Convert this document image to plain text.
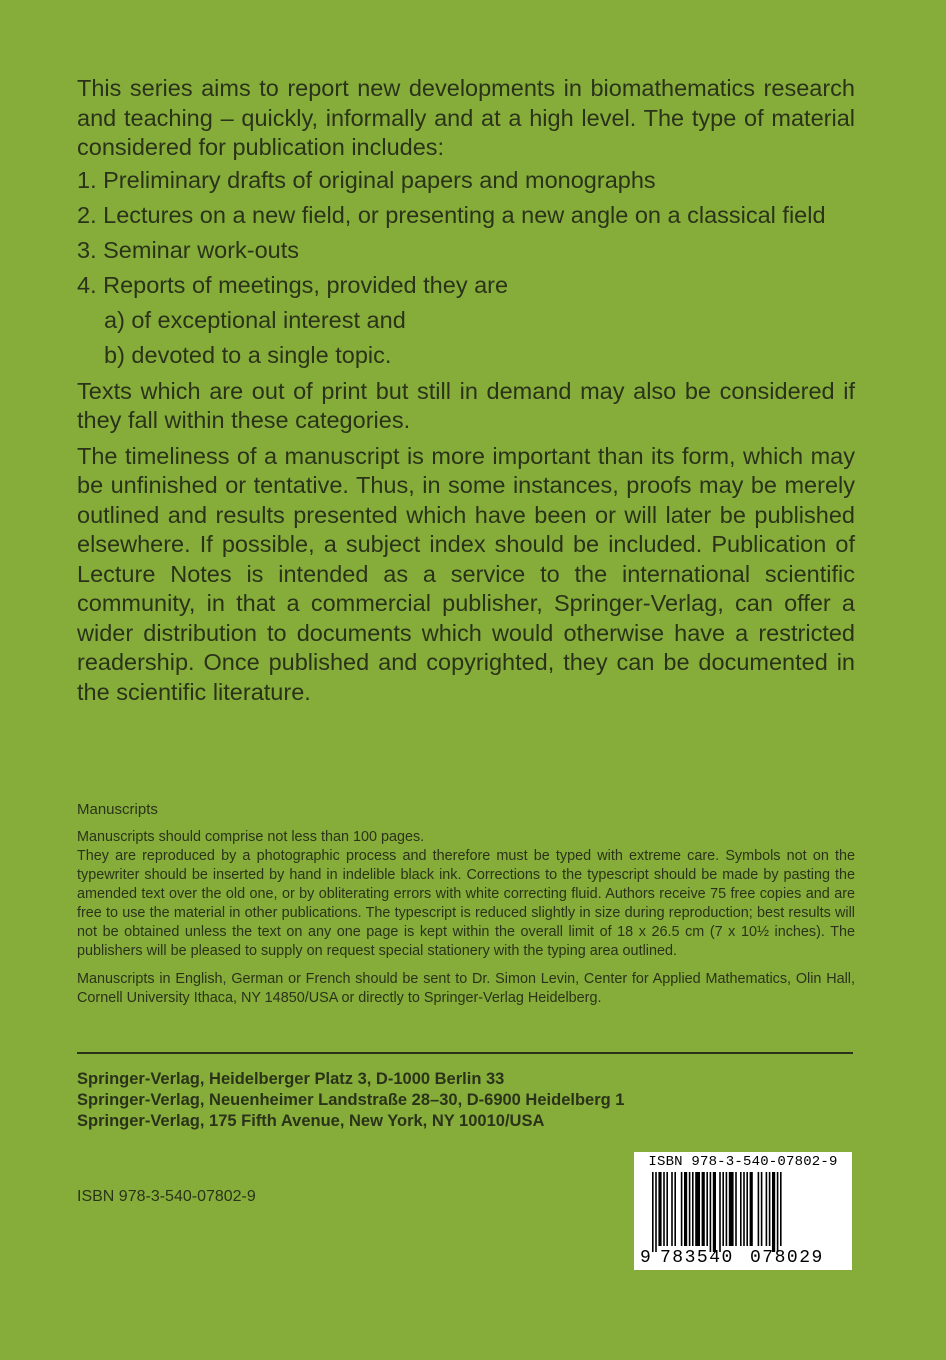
This series aims to report new developments in biomathematics research and teaching – quickly, informally and at a high level. The type of material considered for publication includes:

1. Preliminary drafts of original papers and monographs
2. Lectures on a new field, or presenting a new angle on a classical field
3. Seminar work-outs
4. Reports of meetings, provided they are
a) of exceptional interest and
b) devoted to a single topic.

Texts which are out of print but still in demand may also be considered if they fall within these categories.

The timeliness of a manuscript is more important than its form, which may be unfinished or tentative. Thus, in some instances, proofs may be merely outlined and results presented which have been or will later be published elsewhere. If possible, a subject index should be included. Publication of Lecture Notes is intended as a service to the international scientific community, in that a commercial publisher, Springer-Verlag, can offer a wider distribution to documents which would otherwise have a restricted readership. Once published and copyrighted, they can be documented in the scientific literature.

Manuscripts

Manuscripts should comprise not less than 100 pages.

They are reproduced by a photographic process and therefore must be typed with extreme care. Symbols not on the typewriter should be inserted by hand in indelible black ink. Corrections to the typescript should be made by pasting the amended text over the old one, or by obliterating errors with white correcting fluid. Authors receive 75 free copies and are free to use the material in other publications. The typescript is reduced slightly in size during reproduction; best results will not be obtained unless the text on any one page is kept within the overall limit of 18 x 26.5 cm (7 x 10½ inches). The publishers will be pleased to supply on request special stationery with the typing area outlined.

Manuscripts in English, German or French should be sent to Dr. Simon Levin, Center for Applied Mathematics, Olin Hall, Cornell University Ithaca, NY 14850/USA or directly to Springer-Verlag Heidelberg.

Springer-Verlag, Heidelberger Platz 3, D-1000 Berlin 33
Springer-Verlag, Neuenheimer Landstraße 28–30, D-6900 Heidelberg 1
Springer-Verlag, 175 Fifth Avenue, New York, NY 10010/USA
ISBN 978-3-540-07802-9
ISBN 978-3-540-07802-9
9 783540 078029
